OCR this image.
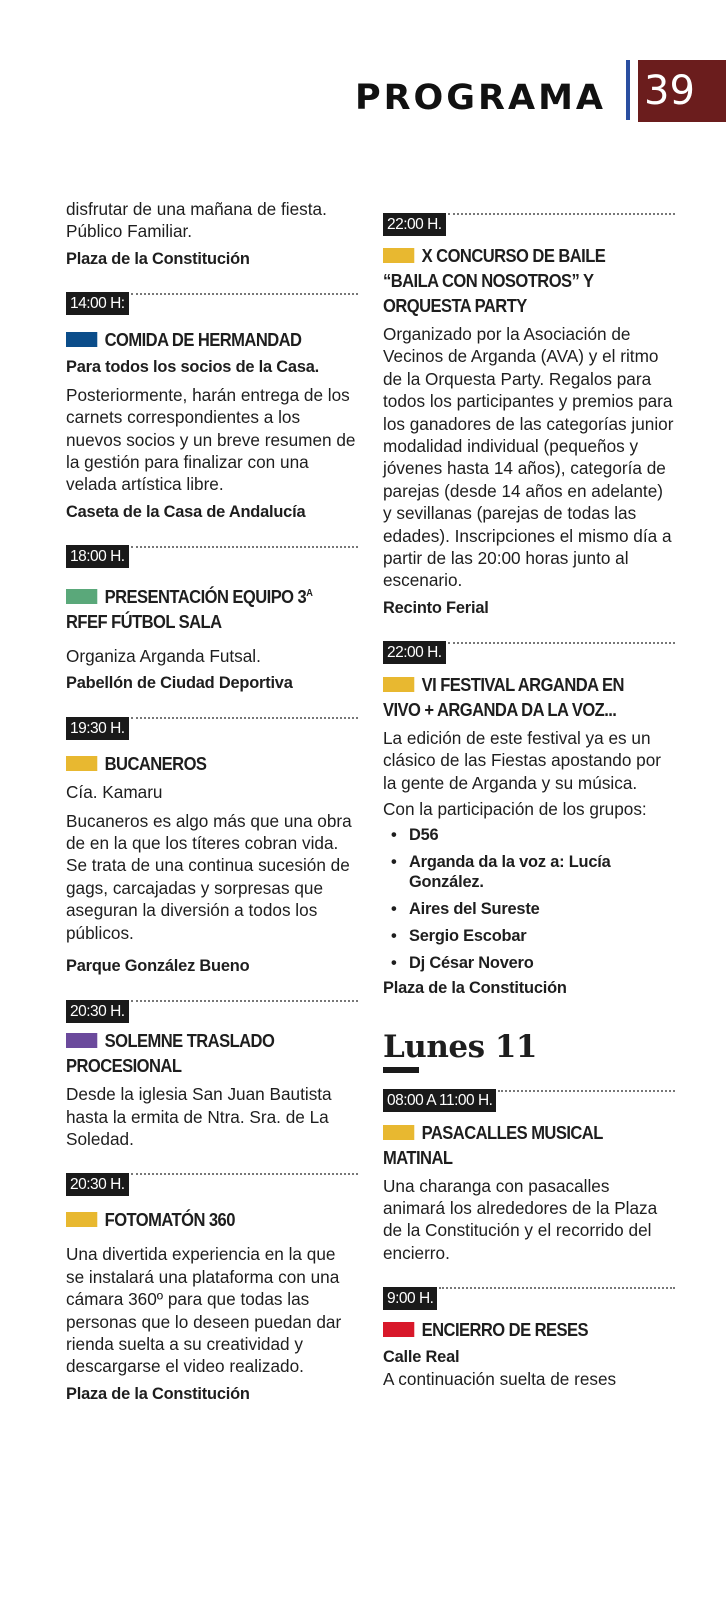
PROGRAMA 39

disfrutar de una mañana de fiesta. Público Familiar.

Plaza de la Constitución

14:00 H:
COMIDA DE HERMANDAD

Para todos los socios de la Casa.

Posteriormente, harán entrega de los carnets correspondientes a los nuevos socios y un breve resumen de la gestión para finalizar con una velada artística libre.

Caseta de la Casa de Andalucía

18:00 H.
PRESENTACIÓN EQUIPO $3^A$
RFEF FÚTBOL SALA

Organiza Arganda Futsal.

Pabellón de Ciudad Deportiva

19:30 H.
BUCANEROS

Cía. Kamaru

Bucaneros es algo más que una obra de en la que los títeres cobran vida. Se trata de una continua sucesión de gags, carcajadas y sorpresas que aseguran la diversión a todos los públicos.

Parque González Bueno

20:30 H.
SOLEMNE TRASLADO PROCESIONAL

Desde la iglesia San Juan Bautista hasta la ermita de Ntra. Sra. de La Soledad.

20:30 H.
FOTOMATÓN 360

Una divertida experiencia en la que se instalará una plataforma con una cámara 360º para que todas las personas que lo deseen puedan dar rienda suelta a su creatividad y descargarse el video realizado.

Plaza de la Constitución

22:00 H.
X CONCURSO DE BAILE “BAILA CON NOSOTROS” Y ORQUESTA PARTY

Organizado por la Asociación de Vecinos de Arganda (AVA) y el ritmo de la Orquesta Party. Regalos para todos los participantes y premios para los ganadores de las categorías junior modalidad individual (pequeños y jóvenes hasta 14 años), categoría de parejas (desde 14 años en adelante) y sevillanas (parejas de todas las edades). Inscripciones el mismo día a partir de las 20:00 horas junto al escenario.

Recinto Ferial

22:00 H.
VI FESTIVAL ARGANDA EN VIVO + ARGANDA DA LA VOZ...

La edición de este festival ya es un clásico de las Fiestas apostando por la gente de Arganda y su música.

Con la participación de los grupos:

• D56
• Arganda da la voz a: Lucía González.
• Aires del Sureste
• Sergio Escobar
• Dj César Novero

Plaza de la Constitución

Lunes 11
08:00 A 11:00 H.
PASACALLES MUSICAL MATINAL

Una charanga con pasacalles animará los alrededores de la Plaza de la Constitución y el recorrido del encierro.

9:00 H.
ENCIERRO DE RESES

Calle Real

A continuación suelta de reses
